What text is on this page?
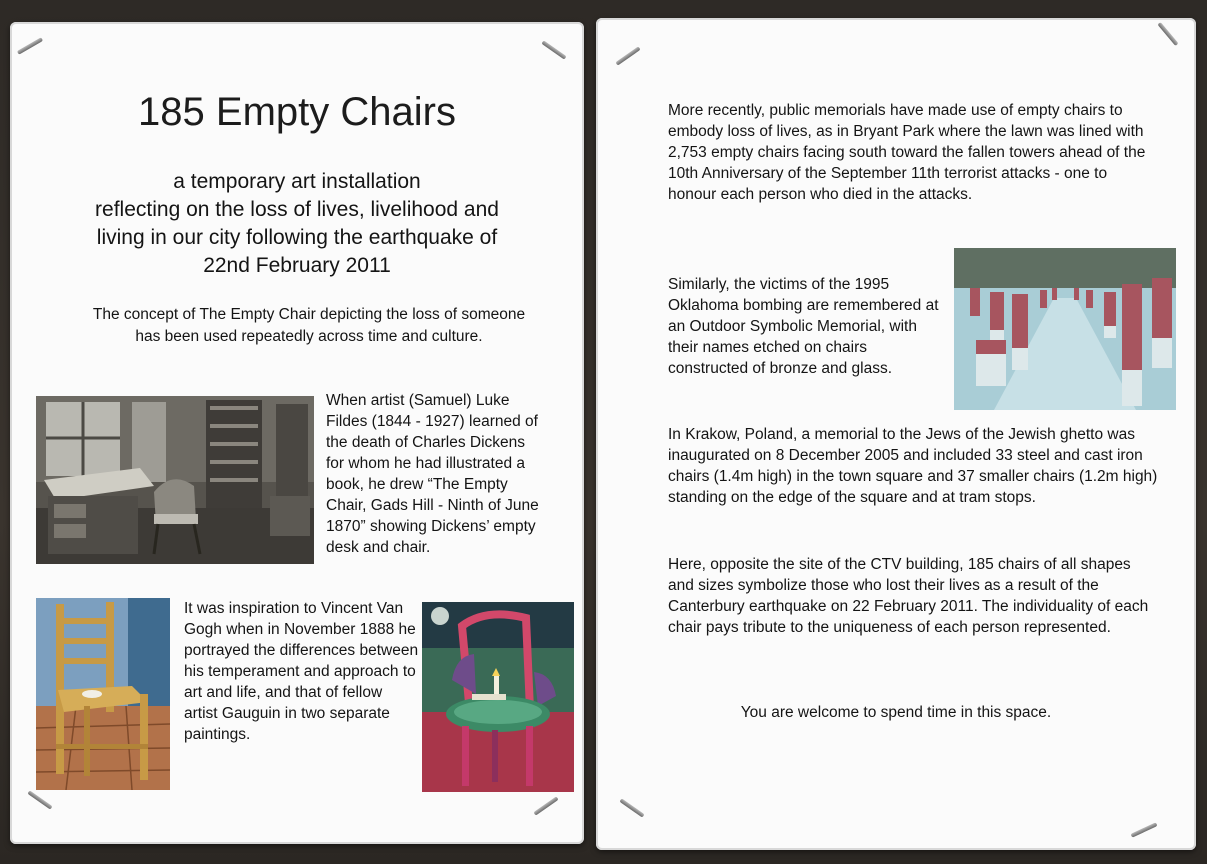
185 Empty Chairs
a temporary art installation
reflecting on the loss of lives, livelihood and
living in our city following the earthquake of
22nd February 2011

The concept of The Empty Chair depicting the loss of someone has been used repeatedly across time and culture.

When artist (Samuel) Luke Fildes (1844 - 1927) learned of the death of Charles Dickens for whom he had illustrated a book, he drew “The Empty Chair, Gads Hill - Ninth of June 1870” showing Dickens’ empty desk and chair.

It was inspiration to Vincent Van Gogh when in November 1888 he portrayed the differences between his temperament and approach to art and life, and that of fellow artist Gauguin in two separate paintings.

More recently, public memorials have made use of empty chairs to embody loss of lives, as in Bryant Park where the lawn was lined with 2,753 empty chairs facing south toward the fallen towers ahead of the 10th Anniversary of the September 11th terrorist attacks - one to honour each person who died in the attacks.

Similarly, the victims of the 1995 Oklahoma bombing are remembered at an Outdoor Symbolic Memorial, with their names etched on chairs constructed of bronze and glass.

In Krakow, Poland, a memorial to the Jews of the Jewish ghetto was inaugurated on 8 December 2005 and included 33 steel and cast iron chairs (1.4m high) in the town square and 37 smaller chairs (1.2m high) standing on the edge of the square and at tram stops.

Here, opposite the site of the CTV building, 185 chairs of all shapes and sizes symbolize those who lost their lives as a result of the Canterbury earthquake on 22 February 2011. The individuality of each chair pays tribute to the uniqueness of each person represented.

You are welcome to spend time in this space.
